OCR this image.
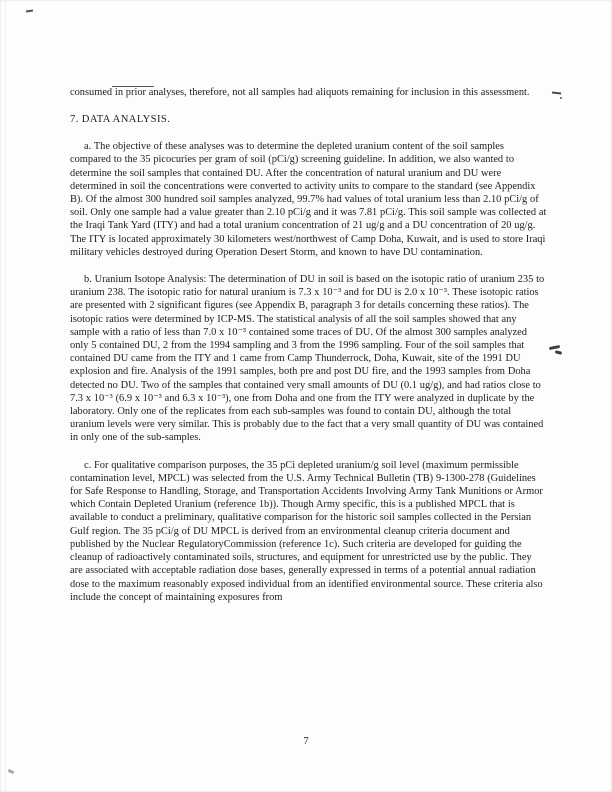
consumed in prior analyses, therefore, not all samples had aliquots remaining for inclusion in this assessment.

7. DATA ANALYSIS.

a. The objective of these analyses was to determine the depleted uranium content of the soil samples compared to the 35 picocuries per gram of soil (pCi/g) screening guideline. In addition, we also wanted to determine the soil samples that contained DU. After the concentration of natural uranium and DU were determined in soil the concentrations were converted to activity units to compare to the standard (see Appendix B). Of the almost 300 hundred soil samples analyzed, 99.7% had values of total uranium less than 2.10 pCi/g of soil. Only one sample had a value greater than 2.10 pCi/g and it was 7.81 pCi/g. This soil sample was collected at the Iraqi Tank Yard (ITY) and had a total uranium concentration of 21 ug/g and a DU concentration of 20 ug/g. The ITY is located approximately 30 kilometers west/northwest of Camp Doha, Kuwait, and is used to store Iraqi military vehicles destroyed during Operation Desert Storm, and known to have DU contamination.

b. Uranium Isotope Analysis: The determination of DU in soil is based on the isotopic ratio of uranium 235 to uranium 238. The isotopic ratio for natural uranium is 7.3 x 10⁻³ and for DU is 2.0 x 10⁻³. These isotopic ratios are presented with 2 significant figures (see Appendix B, paragraph 3 for details concerning these ratios). The isotopic ratios were determined by ICP-MS. The statistical analysis of all the soil samples showed that any sample with a ratio of less than 7.0 x 10⁻³ contained some traces of DU. Of the almost 300 samples analyzed only 5 contained DU, 2 from the 1994 sampling and 3 from the 1996 sampling. Four of the soil samples that contained DU came from the ITY and 1 came from Camp Thunderrock, Doha, Kuwait, site of the 1991 DU explosion and fire. Analysis of the 1991 samples, both pre and post DU fire, and the 1993 samples from Doha detected no DU. Two of the samples that contained very small amounts of DU (0.1 ug/g), and had ratios close to 7.3 x 10⁻³ (6.9 x 10⁻³ and 6.3 x 10⁻³), one from Doha and one from the ITY were analyzed in duplicate by the laboratory. Only one of the replicates from each sub-samples was found to contain DU, although the total uranium levels were very similar. This is probably due to the fact that a very small quantity of DU was contained in only one of the sub-samples.

c. For qualitative comparison purposes, the 35 pCi depleted uranium/g soil level (maximum permissible contamination level, MPCL) was selected from the U.S. Army Technical Bulletin (TB) 9-1300-278 (Guidelines for Safe Response to Handling, Storage, and Transportation Accidents Involving Army Tank Munitions or Armor which Contain Depleted Uranium (reference 1b)). Though Army specific, this is a published MPCL that is available to conduct a preliminary, qualitative comparison for the historic soil samples collected in the Persian Gulf region. The 35 pCi/g of DU MPCL is derived from an environmental cleanup criteria document and published by the Nuclear RegulatoryCommission (reference 1c). Such criteria are developed for guiding the cleanup of radioactively contaminated soils, structures, and equipment for unrestricted use by the public. They are associated with acceptable radiation dose bases, generally expressed in terms of a potential annual radiation dose to the maximum reasonably exposed individual from an identified environmental source. These criteria also include the concept of maintaining exposures from

7
